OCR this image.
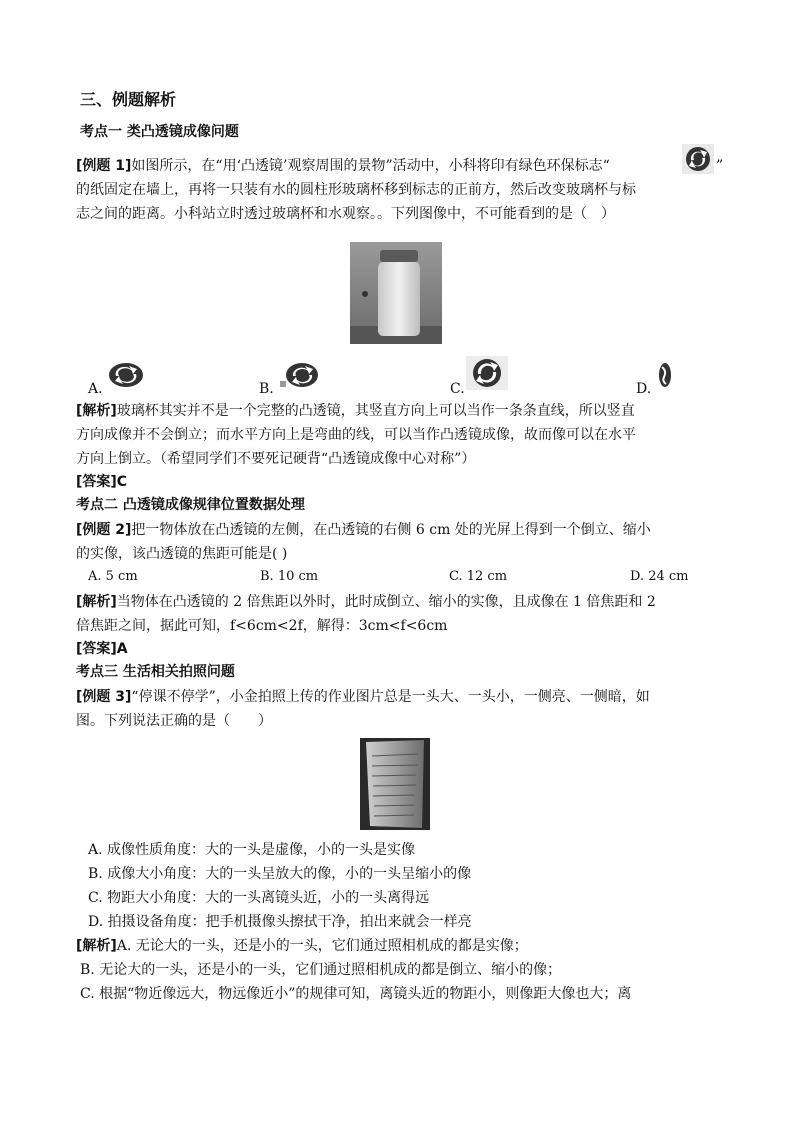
三、例题解析
考点一 类凸透镜成像问题
[例题 1]如图所示，在“用‘凸透镜’观察周围的景物”活动中，小科将印有绿色环保标志“	”
的纸固定在墙上，再将一只装有水的圆柱形玻璃杯移到标志的正前方，然后改变玻璃杯与标
志之间的距离。小科站立时透过玻璃杯和水观察。。下列图像中，不可能看到的是（　）
A.	B.	C.	D.
[解析]玻璃杯其实并不是一个完整的凸透镜，其竖直方向上可以当作一条条直线，所以竖直
方向成像并不会倒立；而水平方向上是弯曲的线，可以当作凸透镜成像，故而像可以在水平
方向上倒立。（希望同学们不要死记硬背“凸透镜成像中心对称”）
[答案]C
考点二 凸透镜成像规律位置数据处理
[例题 2]把一物体放在凸透镜的左侧，在凸透镜的右侧 6 cm 处的光屏上得到一个倒立、缩小
的实像，该凸透镜的焦距可能是( )
A. 5 cm	B. 10 cm	C. 12 cm	D. 24 cm
[解析]当物体在凸透镜的 2 倍焦距以外时，此时成倒立、缩小的实像，且成像在 1 倍焦距和 2
倍焦距之间，据此可知，f<6cm<2f，解得：3cm<f<6cm
[答案]A
考点三 生活相关拍照问题
[例题 3]“停课不停学”，小金拍照上传的作业图片总是一头大、一头小，一侧亮、一侧暗，如
图。下列说法正确的是（　　）
A. 成像性质角度：大的一头是虚像，小的一头是实像
B. 成像大小角度：大的一头呈放大的像，小的一头呈缩小的像
C. 物距大小角度：大的一头离镜头近，小的一头离得远
D. 拍摄设备角度：把手机摄像头擦拭干净，拍出来就会一样亮
[解析]A. 无论大的一头，还是小的一头，它们通过照相机成的都是实像；
B. 无论大的一头，还是小的一头，它们通过照相机成的都是倒立、缩小的像；
C. 根据“物近像远大，物远像近小”的规律可知，离镜头近的物距小，则像距大像也大；离
